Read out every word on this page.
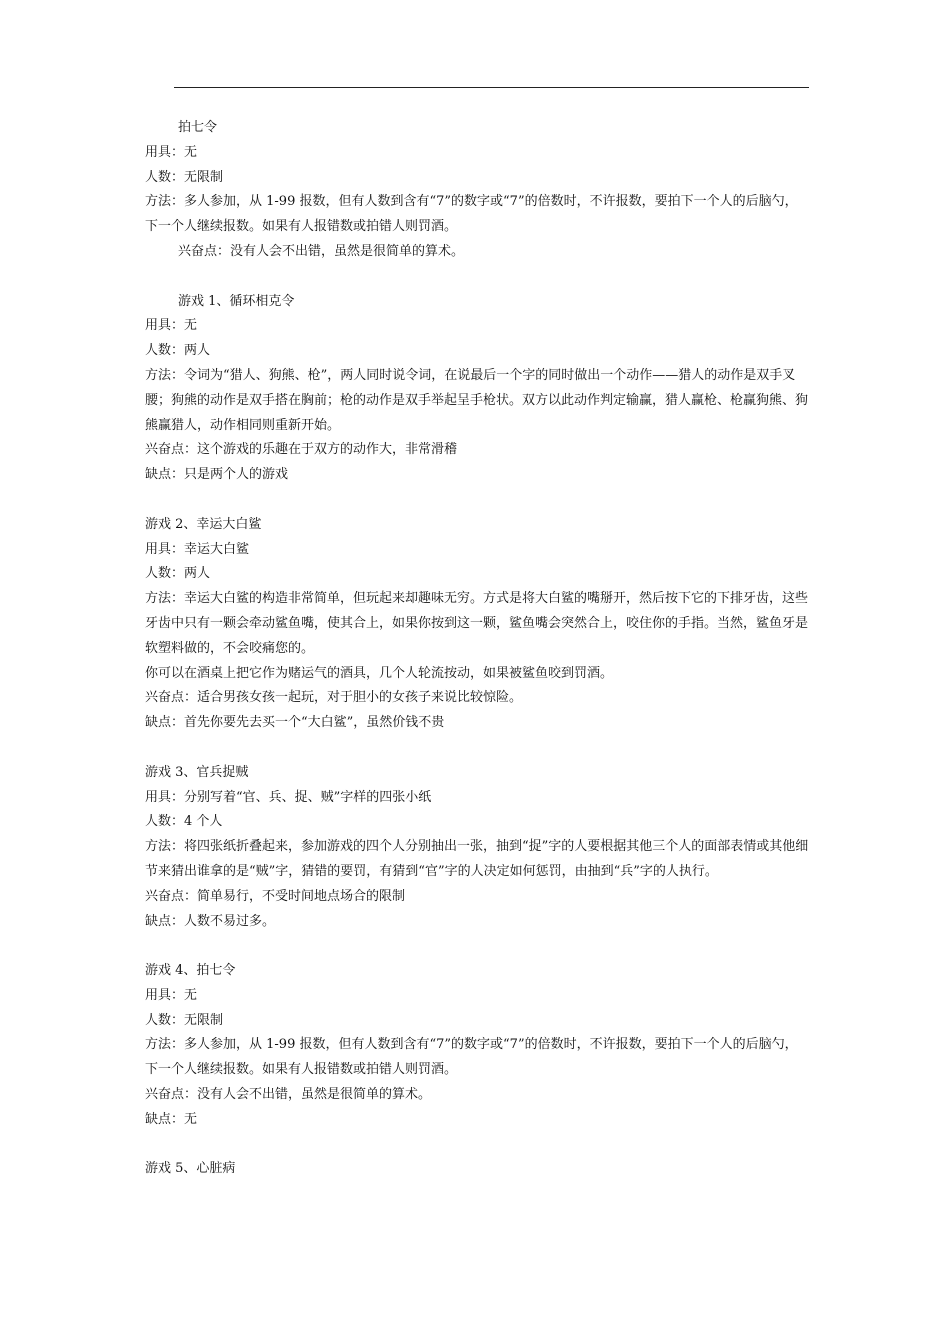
拍七令

用具：无

人数：无限制

方法：多人参加，从 1-99 报数，但有人数到含有“7”的数字或“7”的倍数时，不许报数，要拍下一个人的后脑勺，下一个人继续报数。如果有人报错数或拍错人则罚酒。

兴奋点：没有人会不出错，虽然是很简单的算术。

游戏 1、循环相克令

用具：无

人数：两人

方法：令词为“猎人、狗熊、枪”，两人同时说令词，在说最后一个字的同时做出一个动作——猎人的动作是双手叉腰；狗熊的动作是双手搭在胸前；枪的动作是双手举起呈手枪状。双方以此动作判定输赢，猎人赢枪、枪赢狗熊、狗熊赢猎人，动作相同则重新开始。

兴奋点：这个游戏的乐趣在于双方的动作大，非常滑稽

缺点：只是两个人的游戏

游戏 2、幸运大白鲨

用具：幸运大白鲨

人数：两人

方法：幸运大白鲨的构造非常简单，但玩起来却趣味无穷。方式是将大白鲨的嘴掰开，然后按下它的下排牙齿，这些牙齿中只有一颗会牵动鲨鱼嘴，使其合上，如果你按到这一颗，鲨鱼嘴会突然合上，咬住你的手指。当然，鲨鱼牙是软塑料做的，不会咬痛您的。

你可以在酒桌上把它作为赌运气的酒具，几个人轮流按动，如果被鲨鱼咬到罚酒。

兴奋点：适合男孩女孩一起玩，对于胆小的女孩子来说比较惊险。

缺点：首先你要先去买一个“大白鲨”，虽然价钱不贵

游戏 3、官兵捉贼

用具：分别写着“官、兵、捉、贼”字样的四张小纸

人数：4 个人

方法：将四张纸折叠起来，参加游戏的四个人分别抽出一张，抽到“捉”字的人要根据其他三个人的面部表情或其他细节来猜出谁拿的是“贼”字，猜错的要罚，有猜到“官”字的人决定如何惩罚，由抽到“兵”字的人执行。

兴奋点：简单易行，不受时间地点场合的限制

缺点：人数不易过多。

游戏 4、拍七令

用具：无

人数：无限制

方法：多人参加，从 1-99 报数，但有人数到含有“7”的数字或“7”的倍数时，不许报数，要拍下一个人的后脑勺，下一个人继续报数。如果有人报错数或拍错人则罚酒。

兴奋点：没有人会不出错，虽然是很简单的算术。

缺点：无

游戏 5、心脏病
